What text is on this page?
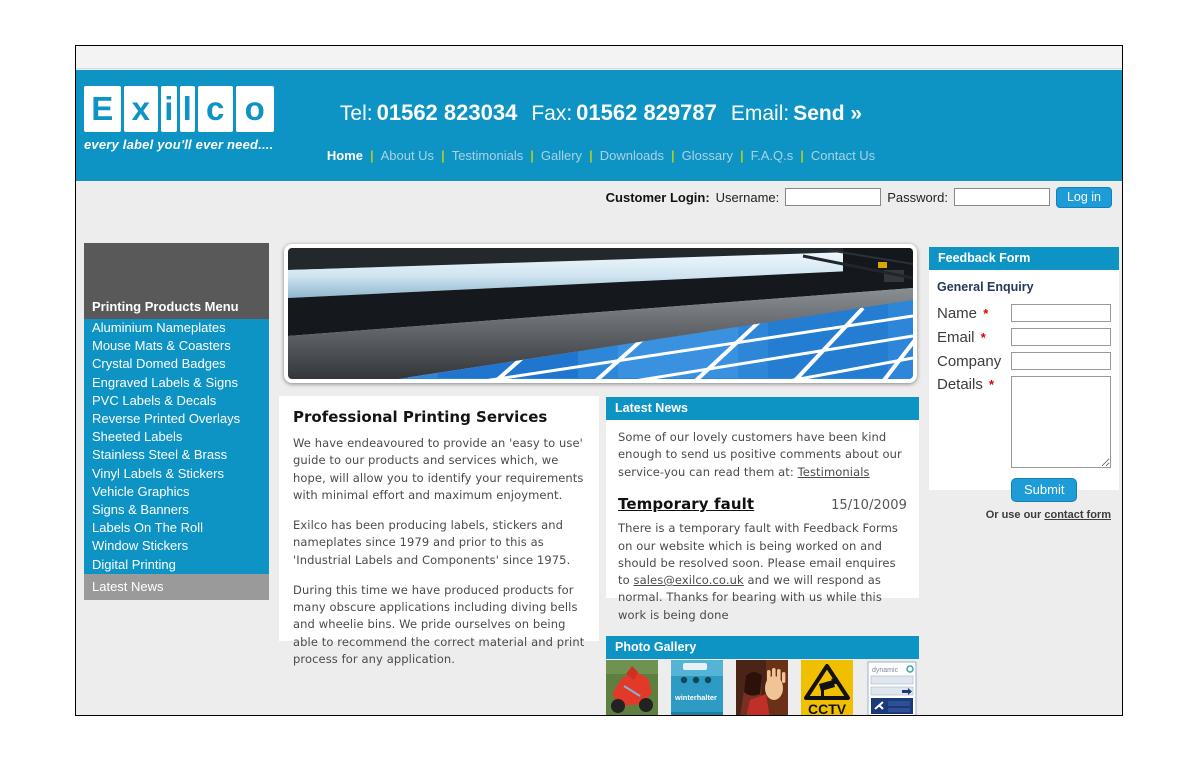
E x i l c o
every label you'll ever need....
Tel: 01562 823034 Fax: 01562 829787 Email: Send »
Home | About Us | Testimonials | Gallery | Downloads | Glossary | F.A.Q.s | Contact Us
Customer Login: Username:	Password:	Log in
Printing Products Menu
Aluminium Nameplates
Mouse Mats & Coasters
Crystal Domed Badges
Engraved Labels & Signs
PVC Labels & Decals
Reverse Printed Overlays
Sheeted Labels
Stainless Steel & Brass
Vinyl Labels & Stickers
Vehicle Graphics
Signs & Banners
Labels On The Roll
Window Stickers
Digital Printing
Latest News
Professional Printing Services

We have endeavoured to provide an 'easy to use' guide to our products and services which, we hope, will allow you to identify your requirements with minimal effort and maximum enjoyment.

Exilco has been producing labels, stickers and nameplates since 1979 and prior to this as 'Industrial Labels and Components' since 1975.

During this time we have produced products for many obscure applications including diving bells and wheelie bins. We pride ourselves on being able to recommend the correct material and print process for any application.

Latest News

Some of our lovely customers have been kind enough to send us positive comments about our service-you can read them at: Testimonials

Temporary fault	15/10/2009

There is a temporary fault with Feedback Forms on our website which is being worked on and should be resolved soon. Please email enquires to sales@exilco.co.uk and we will respond as normal. Thanks for bearing with us while this work is being done

Photo Gallery
winterhalter
CCTV
dynamic
Feedback Form
General Enquiry
Name *
Email *
Company
Details *
Submit
Or use our contact form
